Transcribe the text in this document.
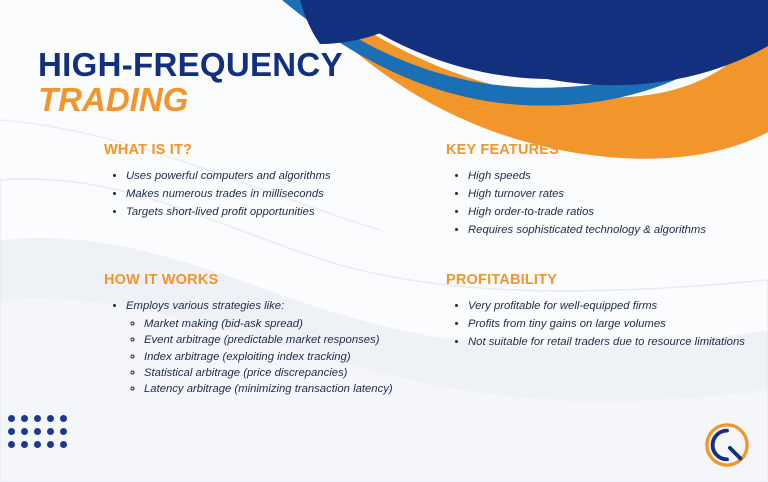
HIGH-FREQUENCY
TRADING
WHAT IS IT?
• Uses powerful computers and algorithms
• Makes numerous trades in milliseconds
• Targets short-lived profit opportunities
KEY FEATURES
• High speeds
• High turnover rates
• High order-to-trade ratios
• Requires sophisticated technology & algorithms
HOW IT WORKS
• Employs various strategies like:
◦ Market making (bid-ask spread)
◦ Event arbitrage (predictable market responses)
◦ Index arbitrage (exploiting index tracking)
◦ Statistical arbitrage (price discrepancies)
◦ Latency arbitrage (minimizing transaction latency)
PROFITABILITY
• Very profitable for well-equipped firms
• Profits from tiny gains on large volumes
• Not suitable for retail traders due to resource limitations
